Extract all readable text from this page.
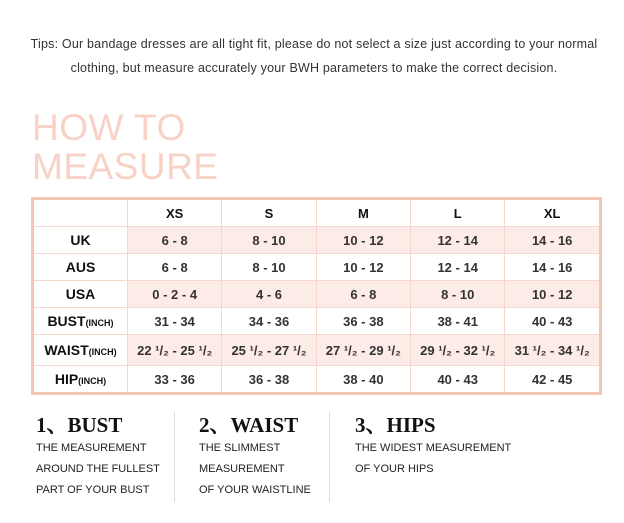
Tips: Our bandage dresses are all tight fit, please do not select a size just according to your normal clothing, but measure accurately your BWH parameters to make the correct decision.
HOW TO
MEASURE
	XS	S	M	L	XL
UK	6 - 8	8 - 10	10 - 12	12 - 14	14 - 16
AUS	6 - 8	8 - 10	10 - 12	12 - 14	14 - 16
USA	0 - 2 - 4	4 - 6	6 - 8	8 - 10	10 - 12
BUST(INCH)	31 - 34	34 - 36	36 - 38	38 - 41	40 - 43
WAIST(INCH)	22 ¹/₂ - 25 ¹/₂	25 ¹/₂ - 27 ¹/₂	27 ¹/₂ - 29 ¹/₂	29 ¹/₂ - 32 ¹/₂	31 ¹/₂ - 34 ¹/₂
HIP(INCH)	33 - 36	36 - 38	38 - 40	40 - 43	42 - 45
1、BUST

THE MEASUREMENT

AROUND THE FULLEST

PART OF YOUR BUST

2、WAIST

THE SLIMMEST

MEASUREMENT

OF YOUR WAISTLINE

3、HIPS

THE WIDEST MEASUREMENT

OF YOUR HIPS
